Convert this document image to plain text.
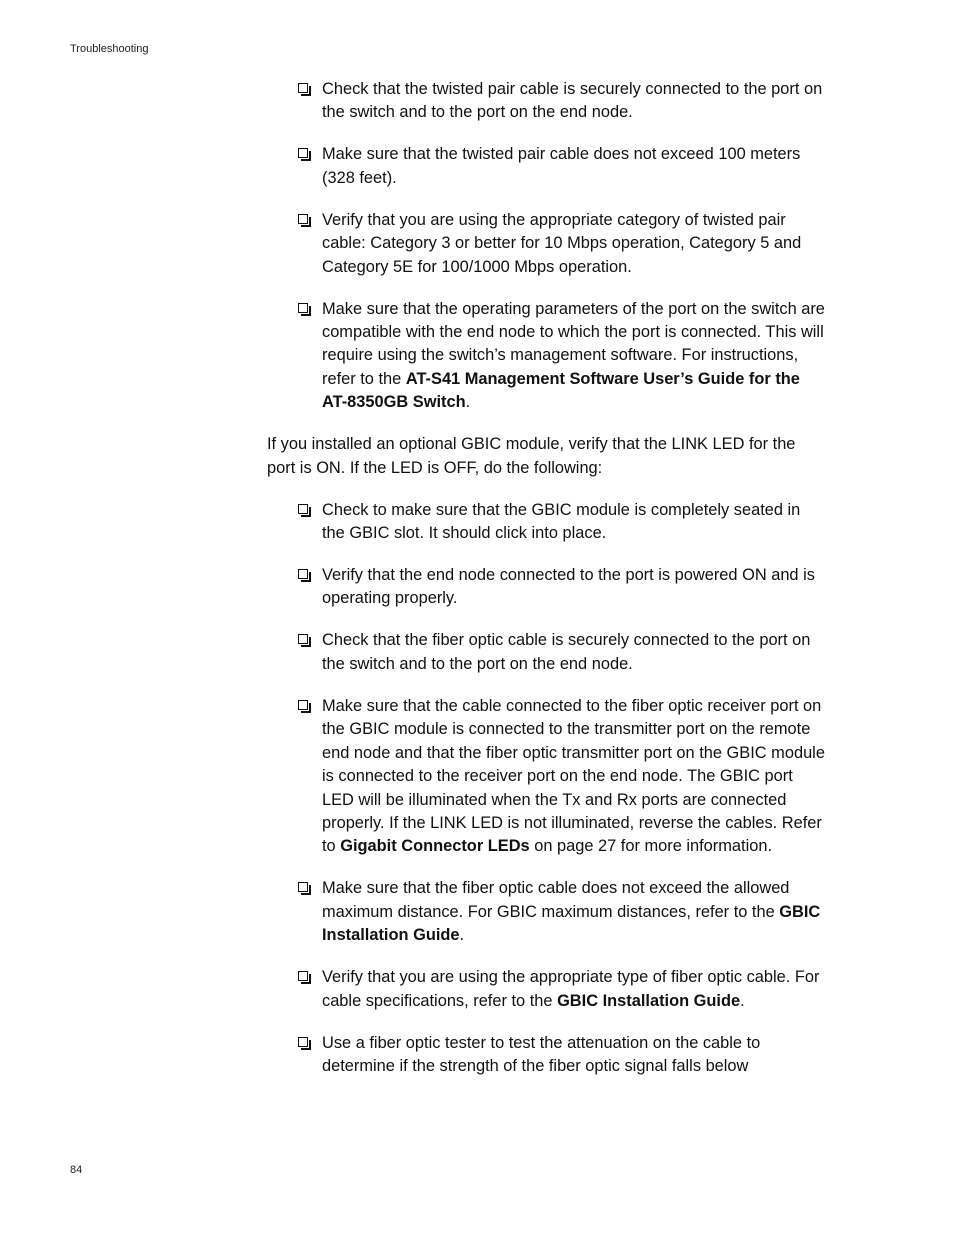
Troubleshooting
Check that the twisted pair cable is securely connected to the port on the switch and to the port on the end node.
Make sure that the twisted pair cable does not exceed 100 meters (328 feet).
Verify that you are using the appropriate category of twisted pair cable: Category 3 or better for 10 Mbps operation, Category 5 and Category 5E for 100/1000 Mbps operation.
Make sure that the operating parameters of the port on the switch are compatible with the end node to which the port is connected. This will require using the switch’s management software. For instructions, refer to the AT-S41 Management Software User’s Guide for the AT-8350GB Switch.

If you installed an optional GBIC module, verify that the LINK LED for the port is ON. If the LED is OFF, do the following:

Check to make sure that the GBIC module is completely seated in the GBIC slot. It should click into place.
Verify that the end node connected to the port is powered ON and is operating properly.
Check that the fiber optic cable is securely connected to the port on the switch and to the port on the end node.
Make sure that the cable connected to the fiber optic receiver port on the GBIC module is connected to the transmitter port on the remote end node and that the fiber optic transmitter port on the GBIC module is connected to the receiver port on the end node. The GBIC port LED will be illuminated when the Tx and Rx ports are connected properly. If the LINK LED is not illuminated, reverse the cables. Refer to Gigabit Connector LEDs on page 27 for more information.
Make sure that the fiber optic cable does not exceed the allowed maximum distance. For GBIC maximum distances, refer to the GBIC Installation Guide.
Verify that you are using the appropriate type of fiber optic cable. For cable specifications, refer to the GBIC Installation Guide.
Use a fiber optic tester to test the attenuation on the cable to determine if the strength of the fiber optic signal falls below
84
